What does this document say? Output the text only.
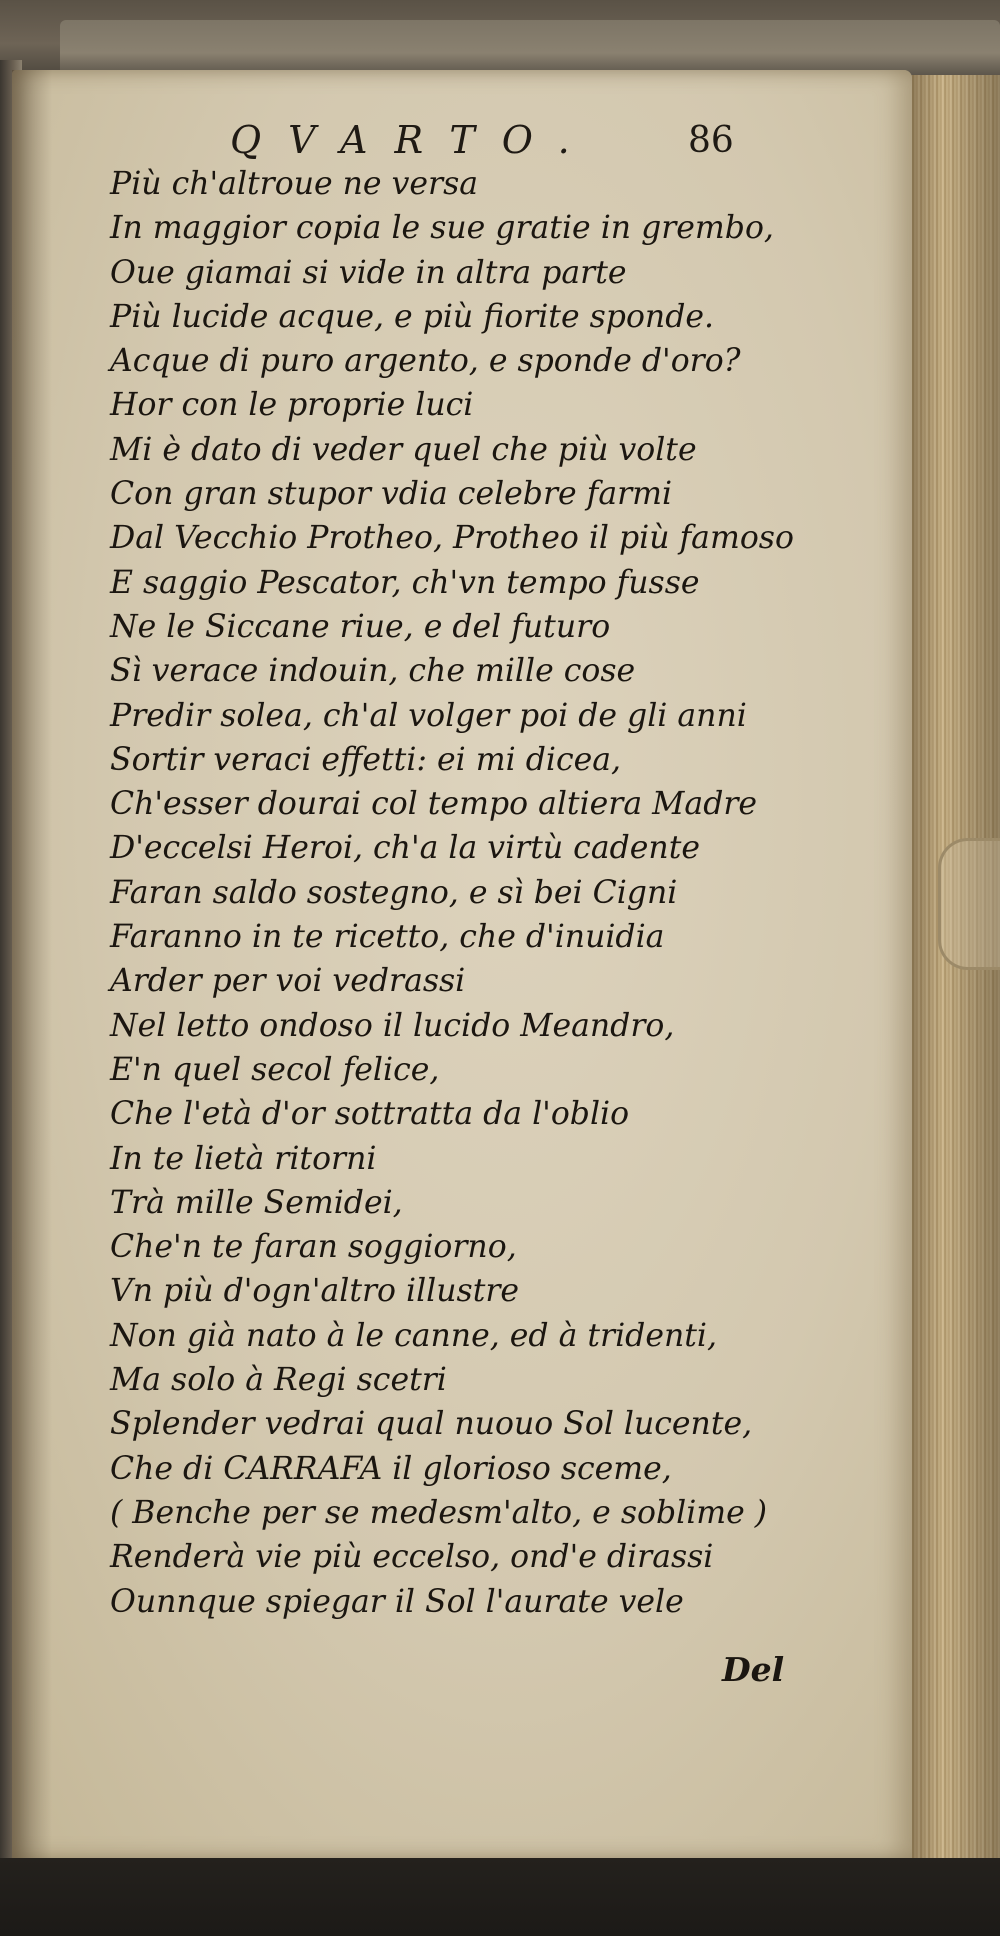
QVARTO.	86
Più ch'altroue ne versa
In maggior copia le sue gratie in grembo,
Oue giamai si vide in altra parte
Più lucide acque, e più fiorite sponde.
Acque di puro argento, e sponde d'oro?
Hor con le proprie luci
Mi è dato di veder quel che più volte
Con gran stupor vdia celebre farmi
Dal Vecchio Protheo, Protheo il più famoso
E saggio Pescator, ch'vn tempo fusse
Ne le Siccane riue, e del futuro
Sì verace indouin, che mille cose
Predir solea, ch'al volger poi de gli anni
Sortir veraci effetti: ei mi dicea,
Ch'esser dourai col tempo altiera Madre
D'eccelsi Heroi, ch'a la virtù cadente
Faran saldo sostegno, e sì bei Cigni
Faranno in te ricetto, che d'inuidia
Arder per voi vedrassi
Nel letto ondoso il lucido Meandro,
E'n quel secol felice,
Che l'età d'or sottratta da l'oblio
In te lietà ritorni
Trà mille Semidei,
Che'n te faran soggiorno,
Vn più d'ogn'altro illustre
Non già nato à le canne, ed à tridenti,
Ma solo à Regi scetri
Splender vedrai qual nuouo Sol lucente,
Che di CARRAFA il glorioso sceme,
( Benche per se medesm'alto, e soblime )
Renderà vie più eccelso, ond'e dirassi
Ounnque spiegar il Sol l'aurate vele
Del
